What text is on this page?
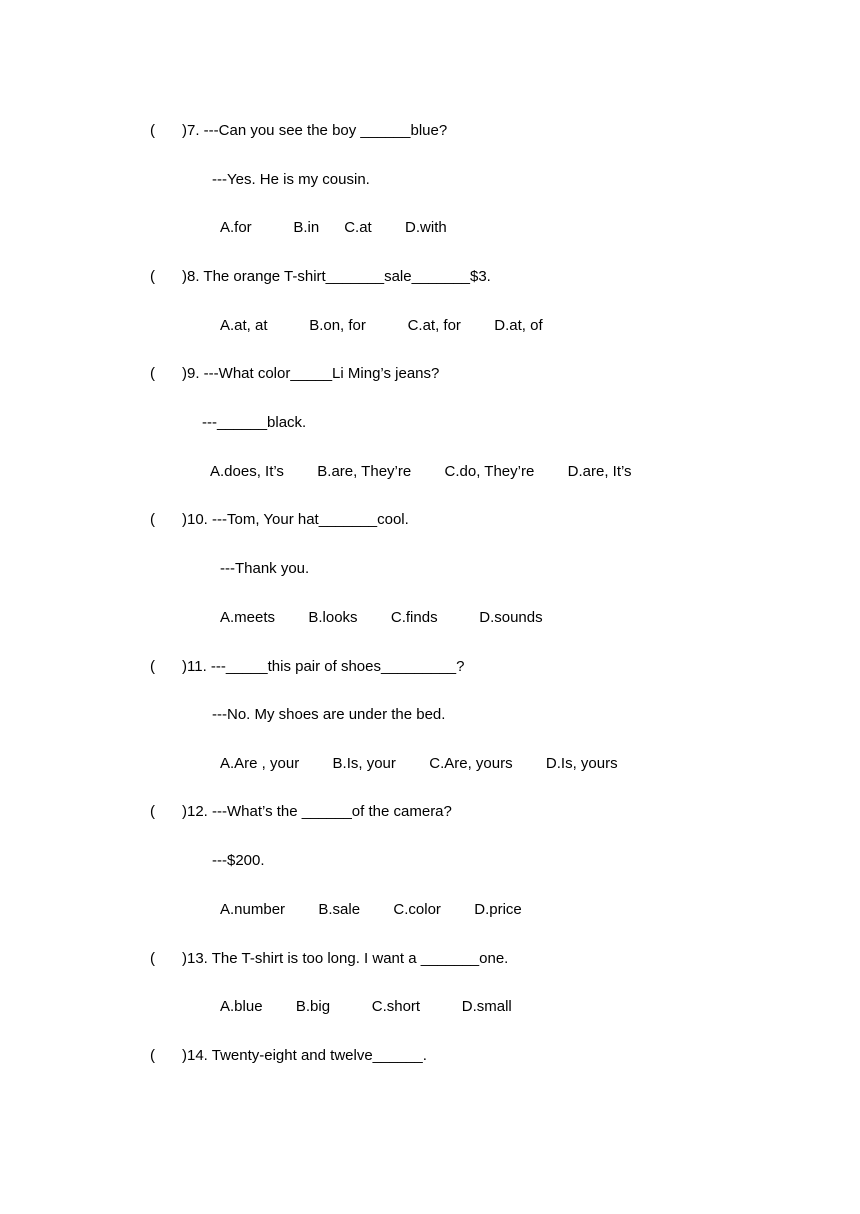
( )7. ---Can you see the boy ______blue?
---Yes. He is my cousin.
A.for          B.in      C.at        D.with
( )8. The orange T-shirt_______sale_______$3.
A.at, at          B.on, for          C.at, for        D.at, of
( )9. ---What color_____Li Ming’s jeans?
---______black.
A.does, It’s        B.are, They’re        C.do, They’re        D.are, It’s
( )10. ---Tom, Your hat_______cool.
---Thank you.
A.meets        B.looks        C.finds          D.sounds
( )11. ---_____this pair of shoes_________?
---No. My shoes are under the bed.
A.Are , your        B.Is, your        C.Are, yours        D.Is, yours
( )12. ---What’s the ______of the camera?
---$200.
A.number        B.sale        C.color        D.price
( )13. The T-shirt is too long. I want a _______one.
A.blue        B.big          C.short          D.small
( )14. Twenty-eight and twelve______.
